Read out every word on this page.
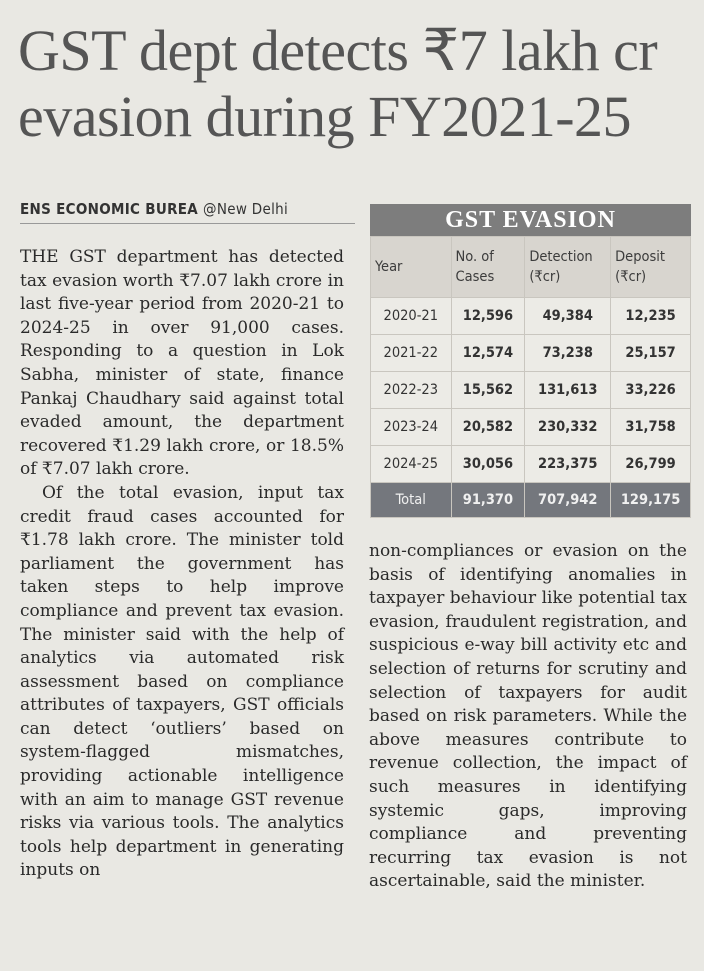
GST dept detects ₹7 lakh cr
evasion during FY2021-25
ENS ECONOMIC BUREA @New Delhi

THE GST department has detected tax evasion worth ₹7.07 lakh crore in last five-year period from 2020-21 to 2024-25 in over 91,000 cases. Responding to a question in Lok Sabha, minister of state, finance Pankaj Chaudhary said against total evaded amount, the department recovered ₹1.29 lakh crore, or 18.5% of ₹7.07 lakh crore.

Of the total evasion, input tax credit fraud cases accounted for ₹1.78 lakh crore. The minister told parliament the government has taken steps to help improve compliance and prevent tax evasion. The minister said with the help of analytics via automated risk assessment based on compliance attributes of taxpayers, GST officials can detect ‘outliers’ based on system-flagged mismatches, providing actionable intelligence with an aim to manage GST revenue risks via various tools. The analytics tools help department in generating inputs on

non-compliances or evasion on the basis of identifying anomalies in taxpayer behaviour like potential tax evasion, fraudulent registration, and suspicious e-way bill activity etc and selection of returns for scrutiny and selection of taxpayers for audit based on risk parameters. While the above measures contribute to revenue collection, the impact of such measures in identifying systemic gaps, improving compliance and preventing recurring tax evasion is not ascertainable, said the minister.

GST EVASION
Year	No. of Cases	Detection (₹cr)	Deposit (₹cr)
2020-21	12,596	49,384	12,235
2021-22	12,574	73,238	25,157
2022-23	15,562	131,613	33,226
2023-24	20,582	230,332	31,758
2024-25	30,056	223,375	26,799
Total	91,370	707,942	129,175
